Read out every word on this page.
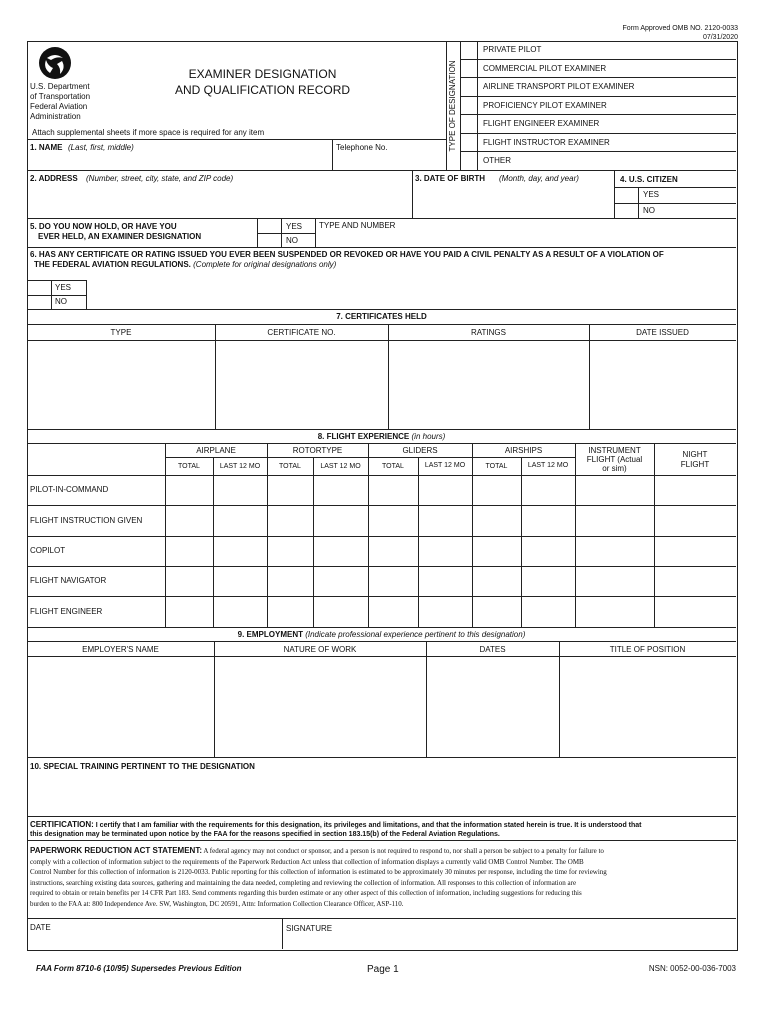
Form Approved OMB NO. 2120-0033
07/31/2020
U.S. Department
of Transportation
Federal Aviation
Administration
EXAMINER DESIGNATION
AND QUALIFICATION RECORD
Attach supplemental sheets if more space is required for any item	TYPE OF DESIGNATION
PRIVATE PILOT
COMMERCIAL PILOT EXAMINER
AIRLINE TRANSPORT PILOT EXAMINER
PROFICIENCY PILOT EXAMINER
FLIGHT ENGINEER EXAMINER
FLIGHT INSTRUCTOR EXAMINER
OTHER
1. NAME (Last, first, middle)	Telephone No.
2. ADDRESS (Number, street, city, state, and ZIP code)	3. DATE OF BIRTH (Month, day, and year)	4. U.S. CITIZEN
YES
NO
5. DO YOU NOW HOLD, OR HAVE YOU
EVER HELD, AN EXAMINER DESIGNATION
YES
NO
TYPE AND NUMBER
6. HAS ANY CERTIFICATE OR RATING ISSUED YOU EVER BEEN SUSPENDED OR REVOKED OR HAVE YOU PAID A CIVIL PENALTY AS A RESULT OF A VIOLATION OF
THE FEDERAL AVIATION REGULATIONS. (Complete for original designations only)
YES
NO
7. CERTIFICATES HELD
TYPE	CERTIFICATE NO.	RATINGS	DATE ISSUED
8. FLIGHT EXPERIENCE (in hours)
AIRPLANE	ROTORTYPE	GLIDERS	AIRSHIPS
TOTAL	LAST 12 MO	TOTAL	LAST 12 MO	TOTAL	LAST 12 MO	TOTAL	LAST 12 MO
INSTRUMENT
FLIGHT (Actual
or sim)
NIGHT
FLIGHT
PILOT-IN-COMMAND
FLIGHT INSTRUCTION GIVEN
COPILOT
FLIGHT NAVIGATOR
FLIGHT ENGINEER
9. EMPLOYMENT (Indicate professional experience pertinent to this designation)
EMPLOYER'S NAME	NATURE OF WORK	DATES	TITLE OF POSITION
10. SPECIAL TRAINING PERTINENT TO THE DESIGNATION
CERTIFICATION: I certify that I am familiar with the requirements for this designation, its privileges and limitations, and that the information stated herein is true. It is understood that
this designation may be terminated upon notice by the FAA for the reasons specified in section 183.15(b) of the Federal Aviation Regulations.
PAPERWORK REDUCTION ACT STATEMENT: A federal agency may not conduct or sponsor, and a person is not required to respond to, nor shall a person be subject to a penalty for failure to
comply with a collection of information subject to the requirements of the Paperwork Reduction Act unless that collection of information displays a currently valid OMB Control Number. The OMB
Control Number for this collection of information is 2120-0033. Public reporting for this collection of information is estimated to be approximately 30 minutes per response, including the time for reviewing
instructions, searching existing data sources, gathering and maintaining the data needed, completing and reviewing the collection of information. All responses to this collection of information are
required to obtain or retain benefits per 14 CFR Part 183. Send comments regarding this burden estimate or any other aspect of this collection of information, including suggestions for reducing this
burden to the FAA at: 800 Independence Ave. SW, Washington, DC 20591, Attn: Information Collection Clearance Officer, ASP-110.
DATE	SIGNATURE
FAA Form 8710-6 (10/95) Supersedes Previous Edition	Page 1	NSN: 0052-00-036-7003
